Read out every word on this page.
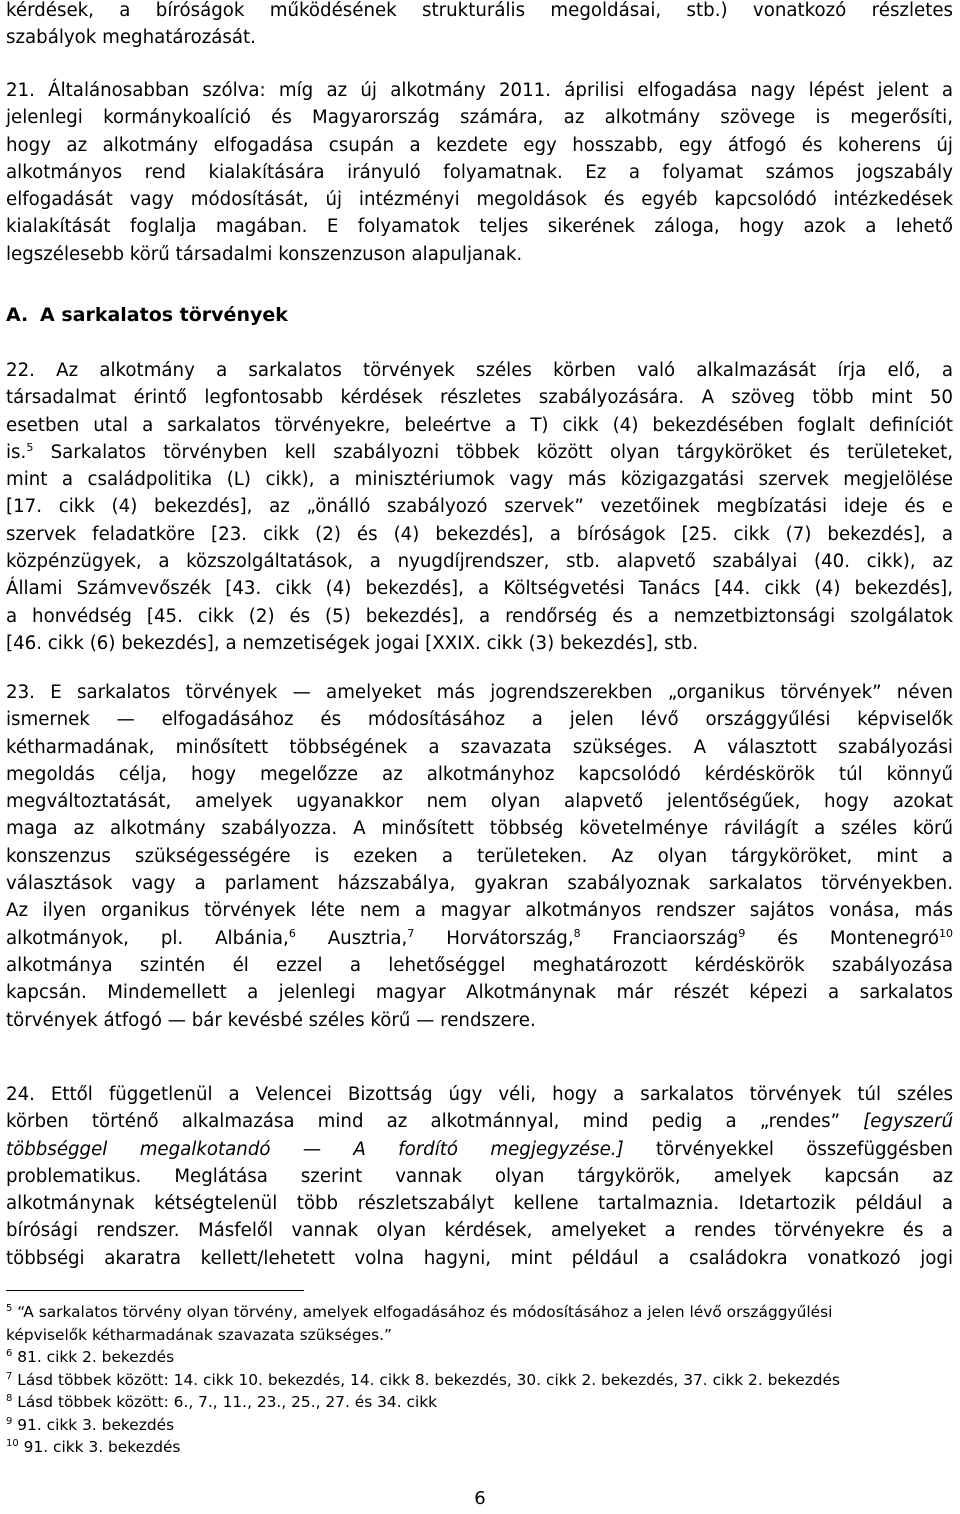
kérdések, a bíróságok működésének strukturális megoldásai, stb.) vonatkozó részletes

szabályok meghatározását.

21. Általánosabban szólva: míg az új alkotmány 2011. áprilisi elfogadása nagy lépést jelent a

jelenlegi kormánykoalíció és Magyarország számára, az alkotmány szövege is megerősíti,

hogy az alkotmány elfogadása csupán a kezdete egy hosszabb, egy átfogó és koherens új

alkotmányos rend kialakítására irányuló folyamatnak. Ez a folyamat számos jogszabály

elfogadását vagy módosítását, új intézményi megoldások és egyéb kapcsolódó intézkedések

kialakítását foglalja magában. E folyamatok teljes sikerének záloga, hogy azok a lehető

legszélesebb körű társadalmi konszenzuson alapuljanak.

A. A sarkalatos törvények

22. Az alkotmány a sarkalatos törvények széles körben való alkalmazását írja elő, a

társadalmat érintő legfontosabb kérdések részletes szabályozására. A szöveg több mint 50

esetben utal a sarkalatos törvényekre, beleértve a T) cikk (4) bekezdésében foglalt definíciót

is.$^5$ Sarkalatos törvényben kell szabályozni többek között olyan tárgyköröket és területeket,

mint a családpolitika (L) cikk), a minisztériumok vagy más közigazgatási szervek megjelölése

[17. cikk (4) bekezdés], az „önálló szabályozó szervek” vezetőinek megbízatási ideje és e

szervek feladatköre [23. cikk (2) és (4) bekezdés], a bíróságok [25. cikk (7) bekezdés], a

közpénzügyek, a közszolgáltatások, a nyugdíjrendszer, stb. alapvető szabályai (40. cikk), az

Állami Számvevőszék [43. cikk (4) bekezdés], a Költségvetési Tanács [44. cikk (4) bekezdés],

a honvédség [45. cikk (2) és (5) bekezdés], a rendőrség és a nemzetbiztonsági szolgálatok

[46. cikk (6) bekezdés], a nemzetiségek jogai [XXIX. cikk (3) bekezdés], stb.

23. E sarkalatos törvények — amelyeket más jogrendszerekben „organikus törvények” néven

ismernek — elfogadásához és módosításához a jelen lévő országgyűlési képviselők

kétharmadának, minősített többségének a szavazata szükséges. A választott szabályozási

megoldás célja, hogy megelőzze az alkotmányhoz kapcsolódó kérdéskörök túl könnyű

megváltoztatását, amelyek ugyanakkor nem olyan alapvető jelentőségűek, hogy azokat

maga az alkotmány szabályozza. A minősített többség követelménye rávilágít a széles körű

konszenzus szükségességére is ezeken a területeken. Az olyan tárgyköröket, mint a

választások vagy a parlament házszabálya, gyakran szabályoznak sarkalatos törvényekben.

Az ilyen organikus törvények léte nem a magyar alkotmányos rendszer sajátos vonása, más

alkotmányok, pl. Albánia,$^6$ Ausztria,$^7$ Horvátország,$^8$ Franciaország$^9$ és Montenegró$^{10}$

alkotmánya szintén él ezzel a lehetőséggel meghatározott kérdéskörök szabályozása

kapcsán. Mindemellett a jelenlegi magyar Alkotmánynak már részét képezi a sarkalatos

törvények átfogó — bár kevésbé széles körű — rendszere.

24. Ettől függetlenül a Velencei Bizottság úgy véli, hogy a sarkalatos törvények túl széles

körben történő alkalmazása mind az alkotmánnyal, mind pedig a „rendes” [egyszerű

többséggel megalkotandó — A fordító megjegyzése.] törvényekkel összefüggésben

problematikus. Meglátása szerint vannak olyan tárgykörök, amelyek kapcsán az

alkotmánynak kétségtelenül több részletszabályt kellene tartalmaznia. Idetartozik például a

bírósági rendszer. Másfelől vannak olyan kérdések, amelyeket a rendes törvényekre és a

többségi akaratra kellett/lehetett volna hagyni, mint például a családokra vonatkozó jogi

$^5$ “A sarkalatos törvény olyan törvény, amelyek elfogadásához és módosításához a jelen lévő országgyűlési

képviselők kétharmadának szavazata szükséges.”

$^6$ 81. cikk 2. bekezdés

$^7$ Lásd többek között: 14. cikk 10. bekezdés, 14. cikk 8. bekezdés, 30. cikk 2. bekezdés, 37. cikk 2. bekezdés

$^8$ Lásd többek között: 6., 7., 11., 23., 25., 27. és 34. cikk

$^9$ 91. cikk 3. bekezdés

$^{10}$ 91. cikk 3. bekezdés

6
